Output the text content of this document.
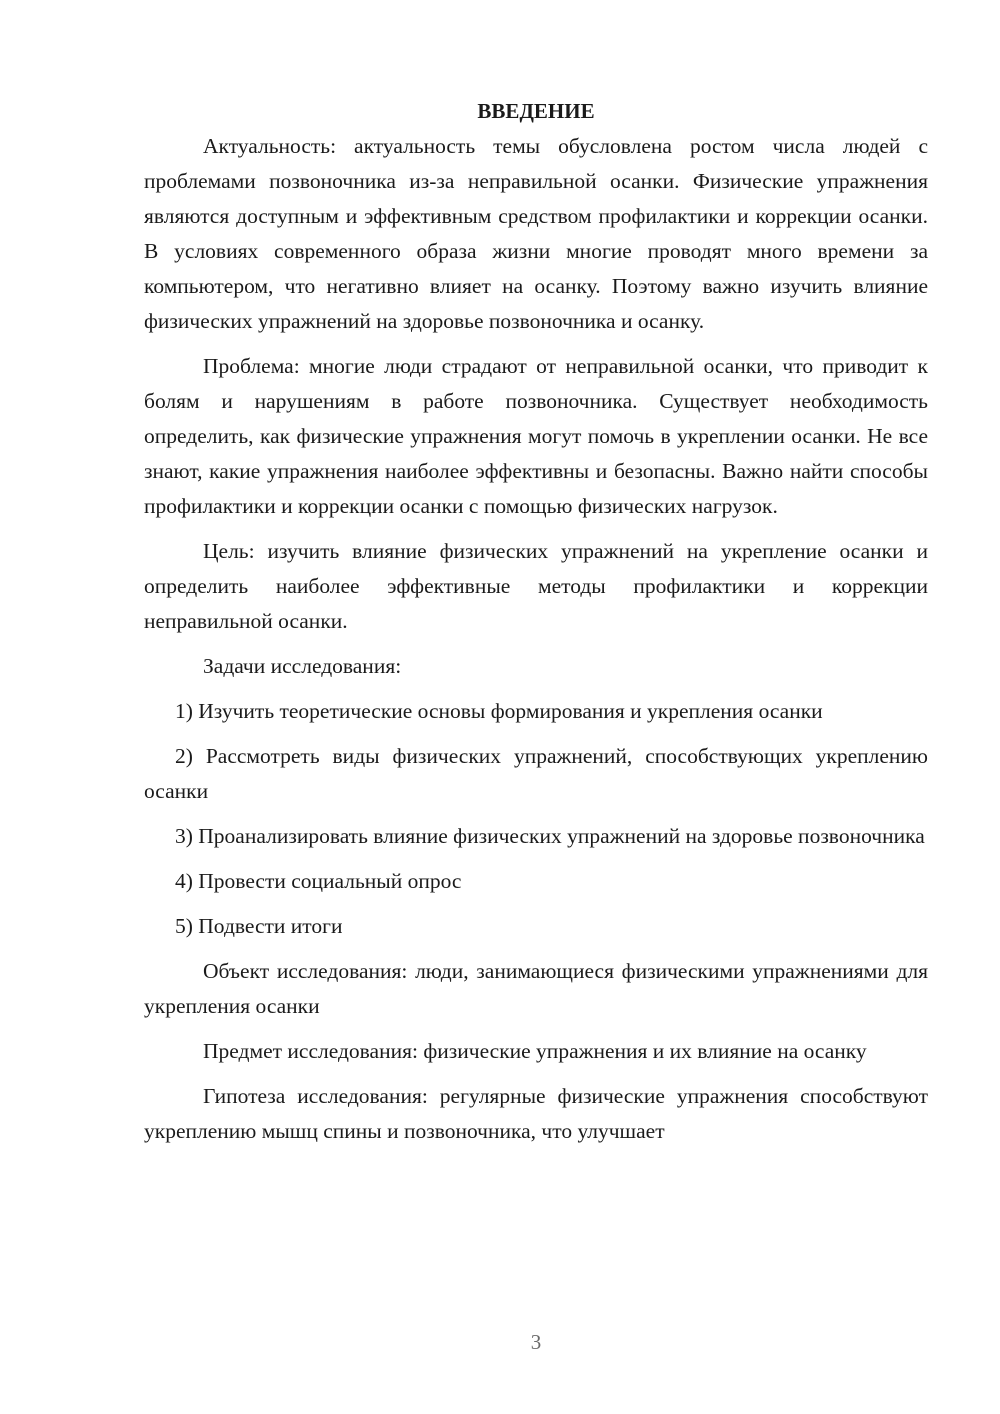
ВВЕДЕНИЕ

Актуальность: актуальность темы обусловлена ростом числа людей с проблемами позвоночника из-за неправильной осанки. Физические упражнения являются доступным и эффективным средством профилактики и коррекции осанки. В условиях современного образа жизни многие проводят много времени за компьютером, что негативно влияет на осанку. Поэтому важно изучить влияние физических упражнений на здоровье позвоночника и осанку.

Проблема: многие люди страдают от неправильной осанки, что приводит к болям и нарушениям в работе позвоночника. Существует необходимость определить, как физические упражнения могут помочь в укреплении осанки. Не все знают, какие упражнения наиболее эффективны и безопасны. Важно найти способы профилактики и коррекции осанки с помощью физических нагрузок.

Цель: изучить влияние физических упражнений на укрепление осанки и определить наиболее эффективные методы профилактики и коррекции неправильной осанки.

Задачи исследования:

1) Изучить теоретические основы формирования и укрепления осанки

2) Рассмотреть виды физических упражнений, способствующих укреплению осанки

3) Проанализировать влияние физических упражнений на здоровье позвоночника

4) Провести социальный опрос

5) Подвести итоги

Объект исследования: люди, занимающиеся физическими упражнениями для укрепления осанки

Предмет исследования: физические упражнения и их влияние на осанку

Гипотеза исследования: регулярные физические упражнения способствуют укреплению мышц спины и позвоночника, что улучшает

3
